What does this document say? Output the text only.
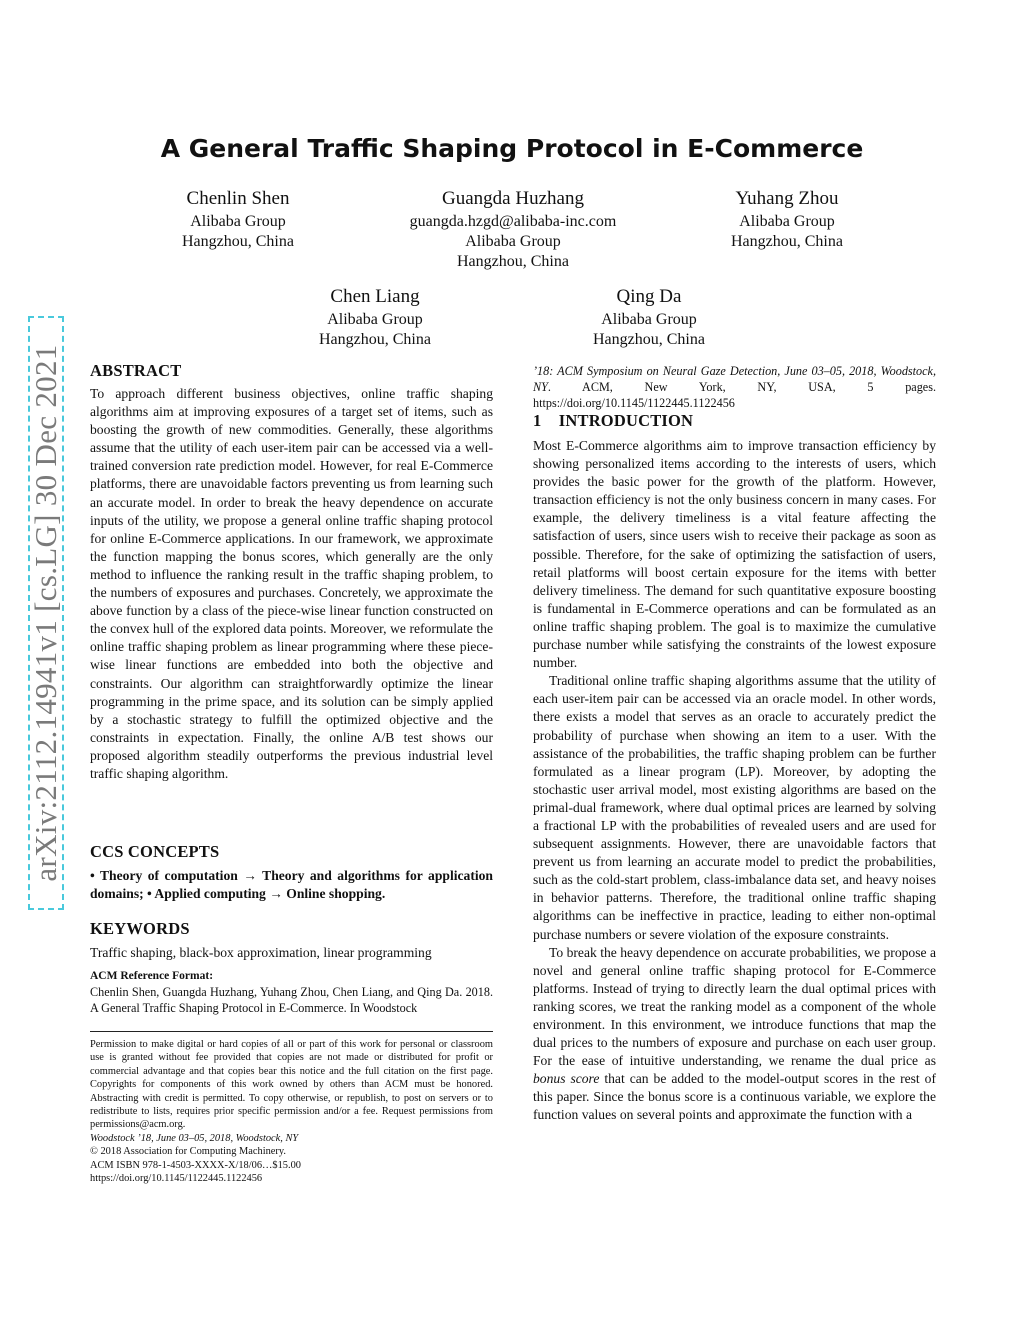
arXiv:2112.14941v1 [cs.LG] 30 Dec 2021
A General Traffic Shaping Protocol in E-Commerce
Chenlin Shen
Alibaba Group
Hangzhou, China
Guangda Huzhang
guangda.hzgd@alibaba-inc.com
Alibaba Group
Hangzhou, China
Yuhang Zhou
Alibaba Group
Hangzhou, China
Chen Liang
Alibaba Group
Hangzhou, China
Qing Da
Alibaba Group
Hangzhou, China
ABSTRACT

To approach different business objectives, online traffic shaping algorithms aim at improving exposures of a target set of items, such as boosting the growth of new commodities. Generally, these algorithms assume that the utility of each user-item pair can be accessed via a well-trained conversion rate prediction model. However, for real E-Commerce platforms, there are unavoidable factors preventing us from learning such an accurate model. In order to break the heavy dependence on accurate inputs of the utility, we propose a general online traffic shaping protocol for online E-Commerce applications. In our framework, we approximate the function mapping the bonus scores, which generally are the only method to influence the ranking result in the traffic shaping problem, to the numbers of exposures and purchases. Concretely, we approximate the above function by a class of the piece-wise linear function constructed on the convex hull of the explored data points. Moreover, we reformulate the online traffic shaping problem as linear programming where these piece-wise linear functions are embedded into both the objective and constraints. Our algorithm can straightforwardly optimize the linear programming in the prime space, and its solution can be simply applied by a stochastic strategy to fulfill the optimized objective and the constraints in expectation. Finally, the online A/B test shows our proposed algorithm steadily outperforms the previous industrial level traffic shaping algorithm.

CCS CONCEPTS
• Theory of computation → Theory and algorithms for application domains; • Applied computing → Online shopping.
KEYWORDS

Traffic shaping, black-box approximation, linear programming

ACM Reference Format:

Chenlin Shen, Guangda Huzhang, Yuhang Zhou, Chen Liang, and Qing Da. 2018. A General Traffic Shaping Protocol in E-Commerce. In Woodstock

Permission to make digital or hard copies of all or part of this work for personal or classroom use is granted without fee provided that copies are not made or distributed for profit or commercial advantage and that copies bear this notice and the full citation on the first page. Copyrights for components of this work owned by others than ACM must be honored. Abstracting with credit is permitted. To copy otherwise, or republish, to post on servers or to redistribute to lists, requires prior specific permission and/or a fee. Request permissions from permissions@acm.org.

Woodstock ’18, June 03–05, 2018, Woodstock, NY

© 2018 Association for Computing Machinery.

ACM ISBN 978-1-4503-XXXX-X/18/06…$15.00

https://doi.org/10.1145/1122445.1122456

’18: ACM Symposium on Neural Gaze Detection, June 03–05, 2018, Woodstock, NY. ACM, New York, NY, USA, 5 pages. https://doi.org/10.1145/1122445.1122456

1    INTRODUCTION

Most E-Commerce algorithms aim to improve transaction efficiency by showing personalized items according to the interests of users, which provides the basic power for the growth of the platform. However, transaction efficiency is not the only business concern in many cases. For example, the delivery timeliness is a vital feature affecting the satisfaction of users, since users wish to receive their package as soon as possible. Therefore, for the sake of optimizing the satisfaction of users, retail platforms will boost certain exposure for the items with better delivery timeliness. The demand for such quantitative exposure boosting is fundamental in E-Commerce operations and can be formulated as an online traffic shaping problem. The goal is to maximize the cumulative purchase number while satisfying the constraints of the lowest exposure number.

Traditional online traffic shaping algorithms assume that the utility of each user-item pair can be accessed via an oracle model. In other words, there exists a model that serves as an oracle to accurately predict the probability of purchase when showing an item to a user. With the assistance of the probabilities, the traffic shaping problem can be further formulated as a linear program (LP). Moreover, by adopting the stochastic user arrival model, most existing algorithms are based on the primal-dual framework, where dual optimal prices are learned by solving a fractional LP with the probabilities of revealed users and are used for subsequent assignments. However, there are unavoidable factors that prevent us from learning an accurate model to predict the probabilities, such as the cold-start problem, class-imbalance data set, and heavy noises in behavior patterns. Therefore, the traditional online traffic shaping algorithms can be ineffective in practice, leading to either non-optimal purchase numbers or severe violation of the exposure constraints.

To break the heavy dependence on accurate probabilities, we propose a novel and general online traffic shaping protocol for E-Commerce platforms. Instead of trying to directly learn the dual optimal prices with ranking scores, we treat the ranking model as a component of the whole environment. In this environment, we introduce functions that map the dual prices to the numbers of exposure and purchase on each user group. For the ease of intuitive understanding, we rename the dual price as bonus score that can be added to the model-output scores in the rest of this paper. Since the bonus score is a continuous variable, we explore the function values on several points and approximate the function with a
